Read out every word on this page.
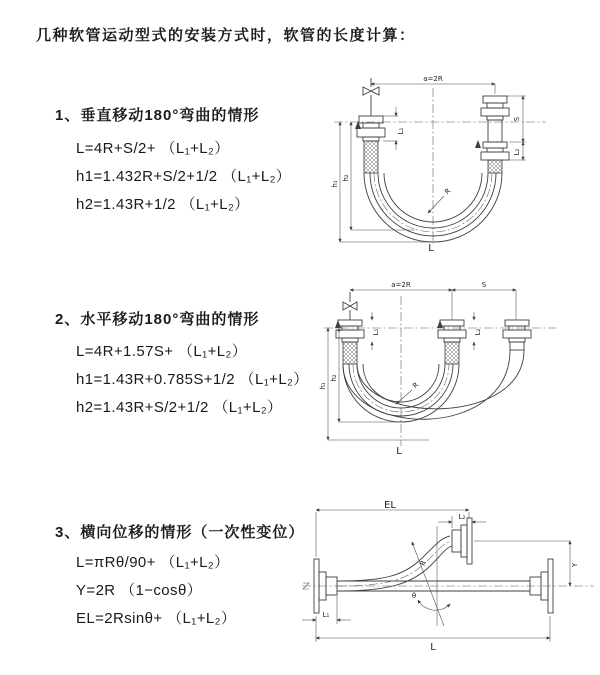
几种软管运动型式的安装方式时，软管的长度计算：
1、垂直移动180°弯曲的情形
L=4R+S/2+ （L₁+L₂）
h1=1.432R+S/2+1/2 （L₁+L₂）
h2=1.43R+1/2 （L₁+L₂）
2、水平移动180°弯曲的情形
L=4R+1.57S+ （L₁+L₂）
h1=1.43R+0.785S+1/2 （L₁+L₂）
h2=1.43R+S/2+1/2 （L₁+L₂）
3、横向位移的情形（一次性变位）
L=πRθ/90+ （L₁+L₂）
Y=2R （1−cosθ）
EL=2Rsinθ+ （L₁+L₂）
a=2R
h₁
h₂
L₁
S
L₂
R
L
a=2R	S
h₁
h₂
L₁	L₂
R
L
θ
R
EL
L₂
Y
L₁
L
